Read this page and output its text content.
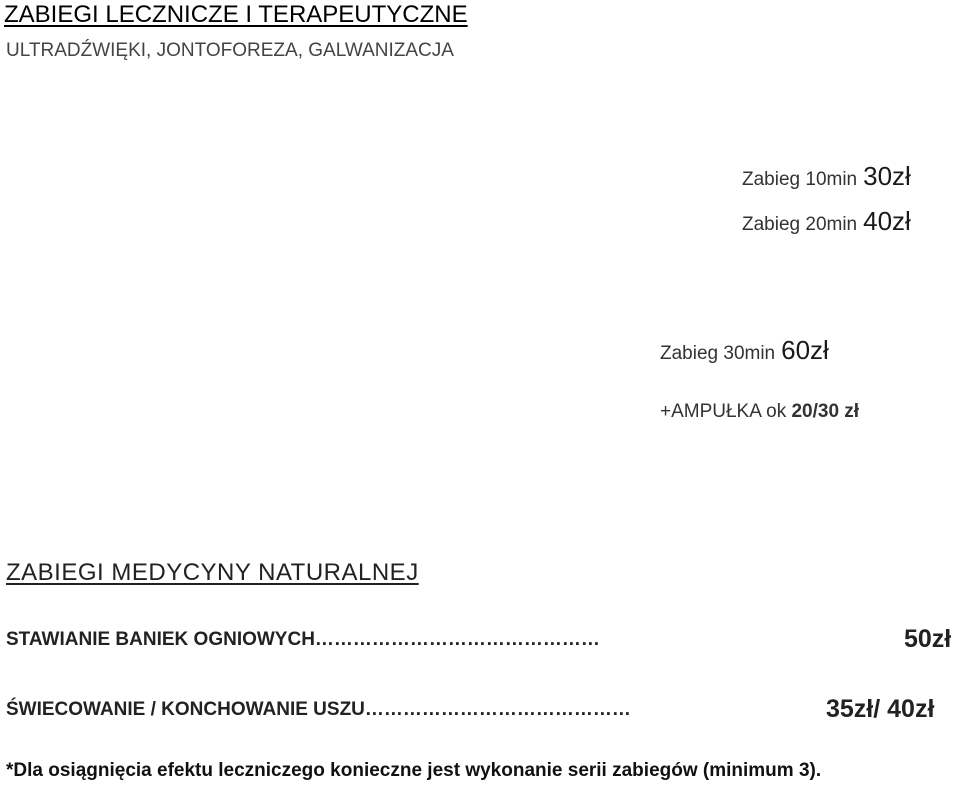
ZABIEGI LECZNICZE I TERAPEUTYCZNE
ULTRADŹWIĘKI, JONTOFOREZA, GALWANIZACJA
Zabieg 10min 30zł
Zabieg 20min 40zł
Zabieg 30min 60zł
+AMPUŁKA ok 20/30 zł
ZABIEGI MEDYCYNY NATURALNEJ
STAWIANIE BANIEK OGNIOWYCH………………………………………	50zł
ŚWIECOWANIE / KONCHOWANIE USZU……………………………………	35zł/ 40zł
*Dla osiągnięcia efektu leczniczego konieczne jest wykonanie serii zabiegów (minimum 3).
